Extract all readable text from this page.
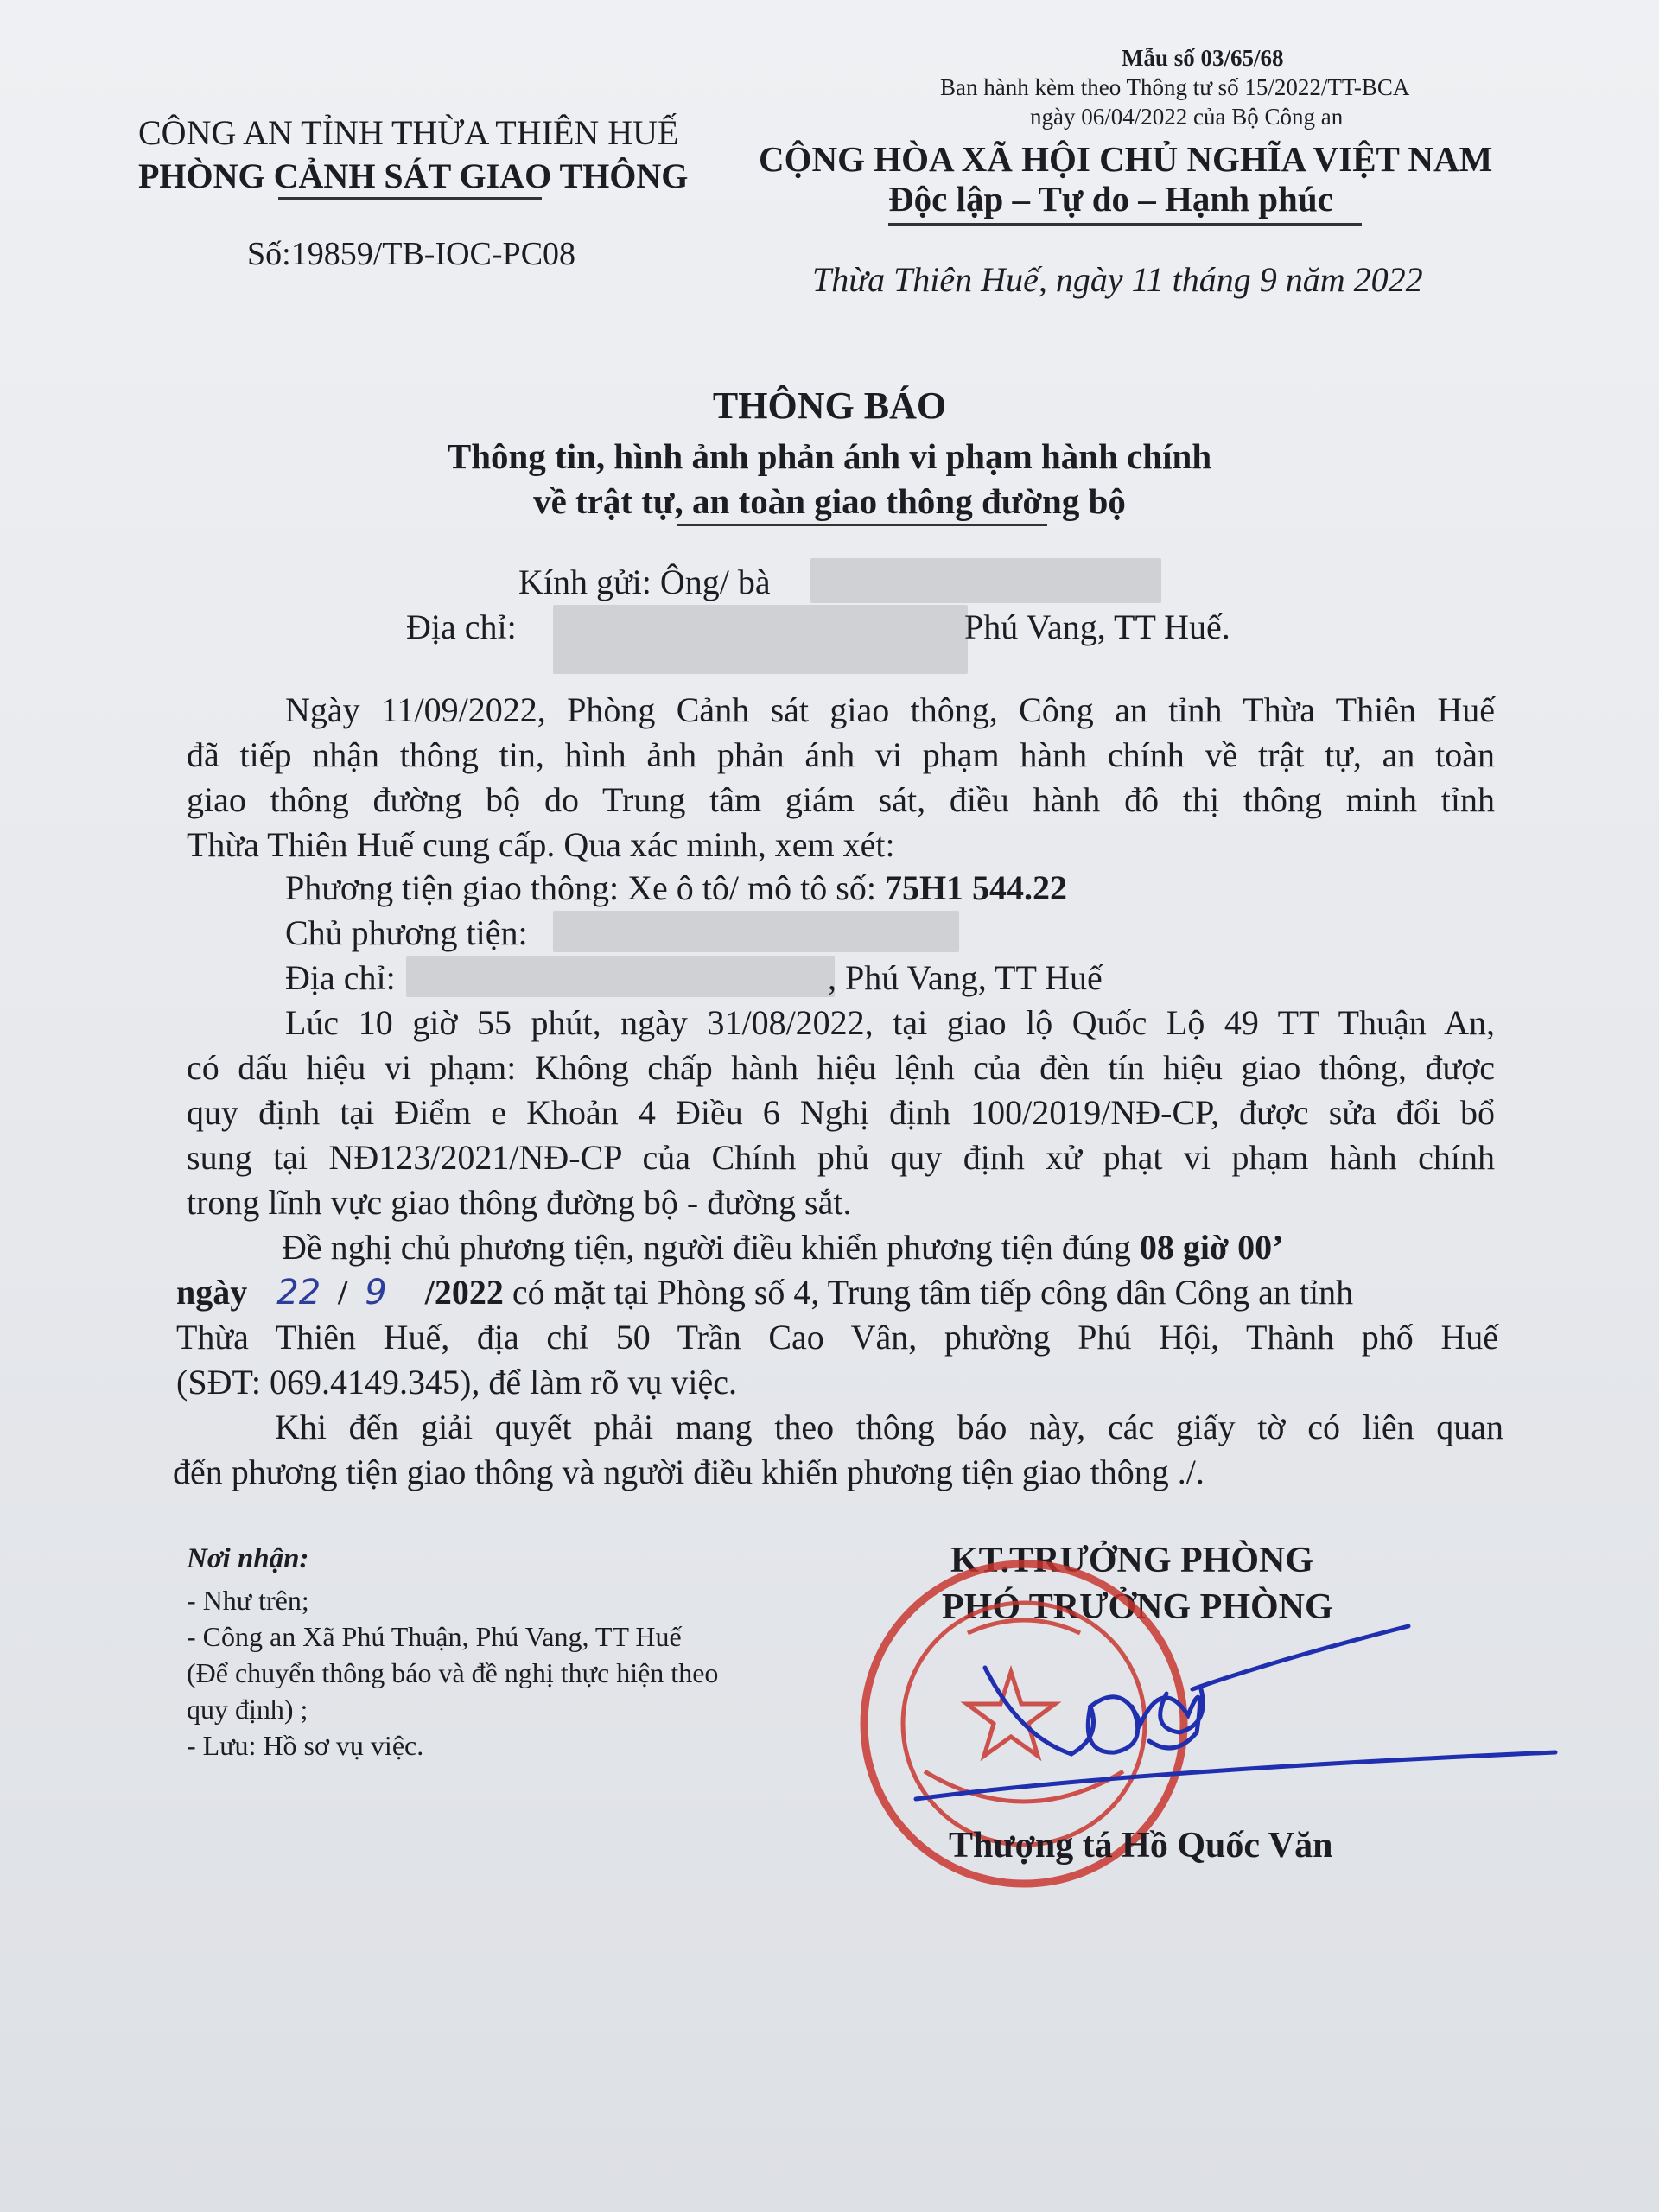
Mẫu số 03/65/68
Ban hành kèm theo Thông tư số 15/2022/TT-BCA
ngày 06/04/2022 của Bộ Công an
CÔNG AN TỈNH THỪA THIÊN HUẾ
PHÒNG CẢNH SÁT GIAO THÔNG
Số:19859/TB-IOC-PC08
CỘNG HÒA XÃ HỘI CHỦ NGHĨA VIỆT NAM
Độc lập – Tự do – Hạnh phúc
Thừa Thiên Huế, ngày 11 tháng 9 năm 2022
THÔNG BÁO
Thông tin, hình ảnh phản ánh vi phạm hành chính
về trật tự, an toàn giao thông đường bộ
Kính gửi: Ông/ bà
Địa chỉ:	Phú Vang, TT Huế.
Ngày 11/09/2022, Phòng Cảnh sát giao thông, Công an tỉnh Thừa Thiên Huế
đã tiếp nhận thông tin, hình ảnh phản ánh vi phạm hành chính về trật tự, an toàn
giao thông đường bộ do Trung tâm giám sát, điều hành đô thị thông minh tỉnh
Thừa Thiên Huế cung cấp. Qua xác minh, xem xét:
Phương tiện giao thông: Xe ô tô/ mô tô số: 75H1 544.22
Chủ phương tiện:
Địa chỉ:	, Phú Vang, TT Huế
Lúc 10 giờ 55 phút, ngày 31/08/2022, tại giao lộ Quốc Lộ 49 TT Thuận An,
có dấu hiệu vi phạm: Không chấp hành hiệu lệnh của đèn tín hiệu giao thông, được
quy định tại Điểm e Khoản 4 Điều 6 Nghị định 100/2019/NĐ-CP, được sửa đổi bổ
sung tại NĐ123/2021/NĐ-CP của Chính phủ quy định xử phạt vi phạm hành chính
trong lĩnh vực giao thông đường bộ - đường sắt.
Đề nghị chủ phương tiện, người điều khiển phương tiện đúng 08 giờ 00’
ngày 22 / 9 /2022 có mặt tại Phòng số 4, Trung tâm tiếp công dân Công an tỉnh
Thừa Thiên Huế, địa chỉ 50 Trần Cao Vân, phường Phú Hội, Thành phố Huế
(SĐT: 069.4149.345), để làm rõ vụ việc.
Khi đến giải quyết phải mang theo thông báo này, các giấy tờ có liên quan
đến phương tiện giao thông và người điều khiển phương tiện giao thông ./.
Nơi nhận:
- Như trên;
- Công an Xã Phú Thuận, Phú Vang, TT Huế
(Để chuyển thông báo và đề nghị thực hiện theo
quy định) ;
- Lưu: Hồ sơ vụ việc.
KT.TRƯỞNG PHÒNG
PHÓ TRƯỞNG PHÒNG
Thượng tá Hồ Quốc Văn
